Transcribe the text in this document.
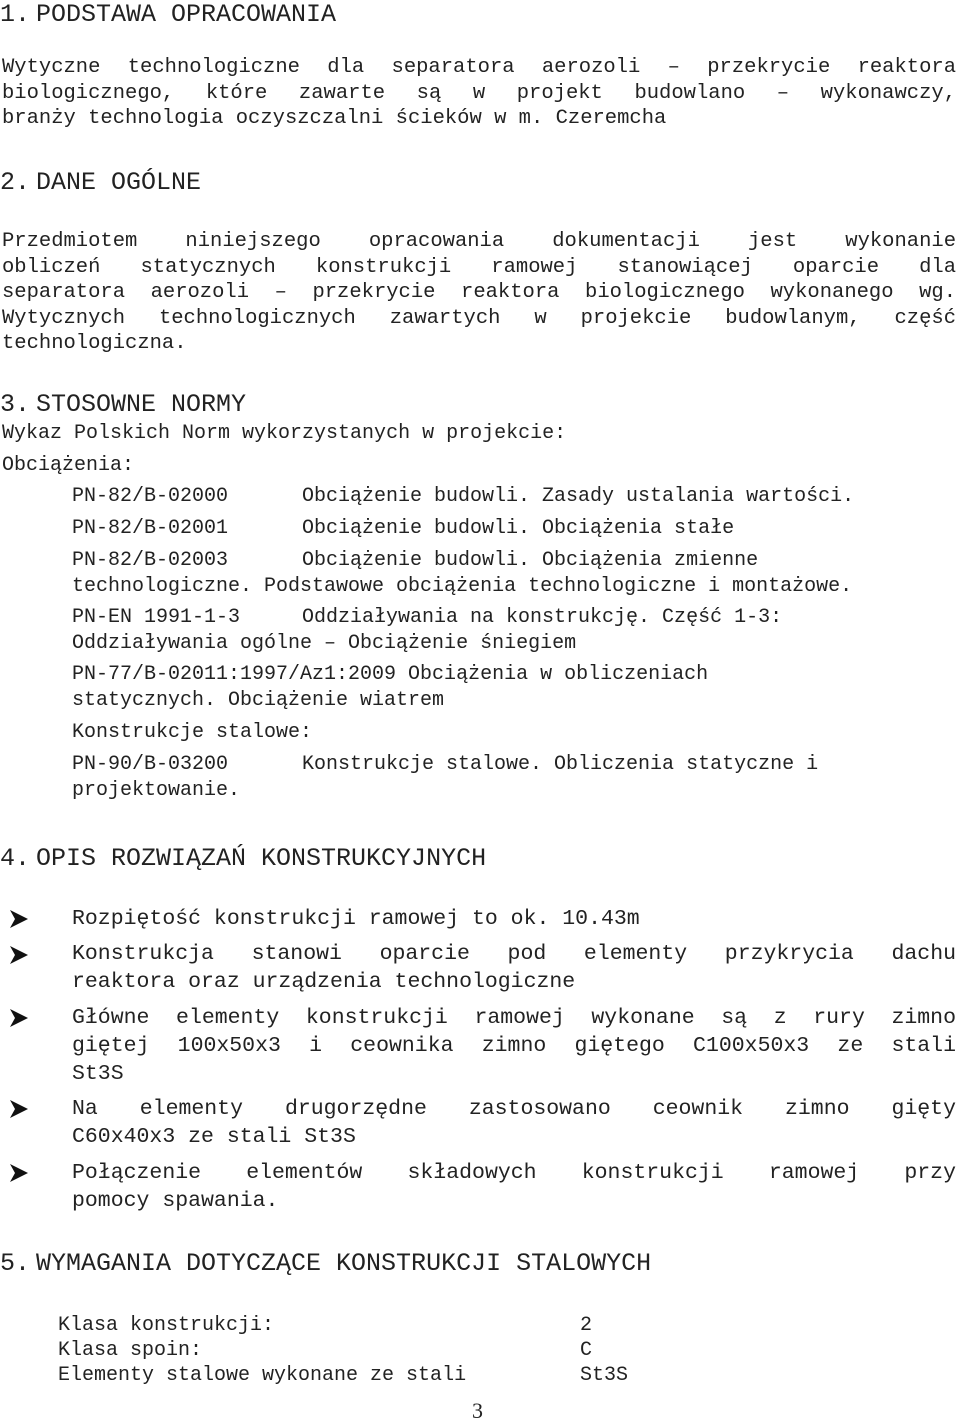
1. PODSTAWA OPRACOWANIA
Wytyczne technologiczne dla separatora aerozoli – przekrycie reaktora
biologicznego, które zawarte są w projekt budowlano – wykonawczy,
branży technologia oczyszczalni ścieków w m. Czeremcha
2. DANE OGÓLNE
Przedmiotem niniejszego opracowania dokumentacji jest wykonanie
obliczeń statycznych konstrukcji ramowej stanowiącej oparcie dla
separatora aerozoli – przekrycie reaktora biologicznego wykonanego wg.
Wytycznych technologicznych zawartych w projekcie budowlanym, część
technologiczna.
3. STOSOWNE NORMY
Wykaz Polskich Norm wykorzystanych w projekcie:
Obciążenia:
PN-82/B-02000	Obciążenie budowli. Zasady ustalania wartości.
PN-82/B-02001	Obciążenie budowli. Obciążenia stałe
PN-82/B-02003	Obciążenie budowli. Obciążenia zmienne
technologiczne. Podstawowe obciążenia technologiczne i montażowe.
PN-EN 1991-1-3	Oddziaływania na konstrukcję. Część 1-3:
Oddziaływania ogólne – Obciążenie śniegiem
PN-77/B-02011:1997/Az1:2009 Obciążenia w obliczeniach
statycznych. Obciążenie wiatrem
Konstrukcje stalowe:
PN-90/B-03200	Konstrukcje stalowe. Obliczenia statyczne i
projektowanie.
4. OPIS ROZWIĄZAŃ KONSTRUKCYJNYCH
Rozpiętość konstrukcji ramowej to ok. 10.43m
Konstrukcja stanowi oparcie pod elementy przykrycia dachu
reaktora oraz urządzenia technologiczne
Główne elementy konstrukcji ramowej wykonane są z rury zimno
giętej 100x50x3 i ceownika zimno giętego C100x50x3 ze stali
St3S
Na elementy drugorzędne zastosowano ceownik zimno gięty
C60x40x3 ze stali St3S
Połączenie elementów składowych konstrukcji ramowej przy
pomocy spawania.
5. WYMAGANIA DOTYCZĄCE KONSTRUKCJI STALOWYCH
Klasa konstrukcji:	2
Klasa spoin:	C
Elementy stalowe wykonane ze stali	St3S
3
